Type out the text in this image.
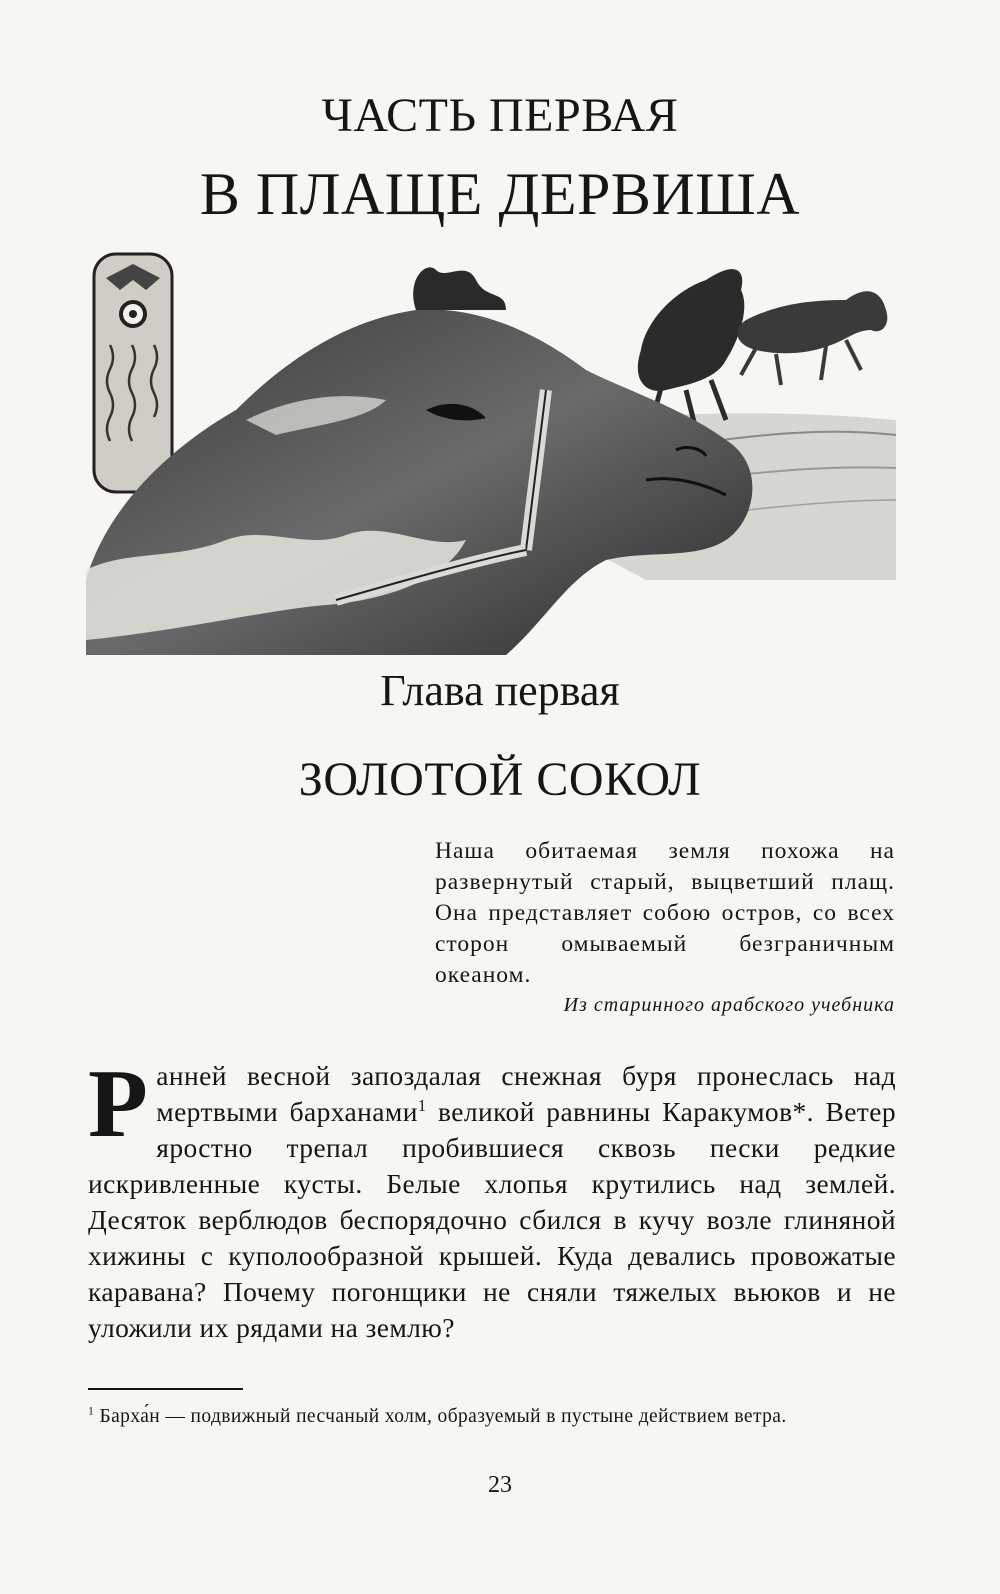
ЧАСТЬ ПЕРВАЯ
В ПЛАЩЕ ДЕРВИША
Глава первая
ЗОЛОТОЙ СОКОЛ
Наша обитаемая земля похожа на развернутый старый, выцветший плащ. Она представляет собою остров, со всех сторон омываемый безграничным океаном.
Из старинного арабского учебника
Ранней весной запоздалая снежная буря пронеслась над мертвыми барханами$^1$ великой равнины Каракумов*. Ветер яростно трепал пробившиеся сквозь пески редкие искривленные кусты. Белые хлопья крутились над землей. Десяток верблюдов беспорядочно сбился в кучу возле глиняной хижины с куполообразной крышей. Куда девались провожатые каравана? Почему погонщики не сняли тяжелых вьюков и не уложили их рядами на землю?
$^1$ Барха́н — подвижный песчаный холм, образуемый в пустыне действием ветра.
23
